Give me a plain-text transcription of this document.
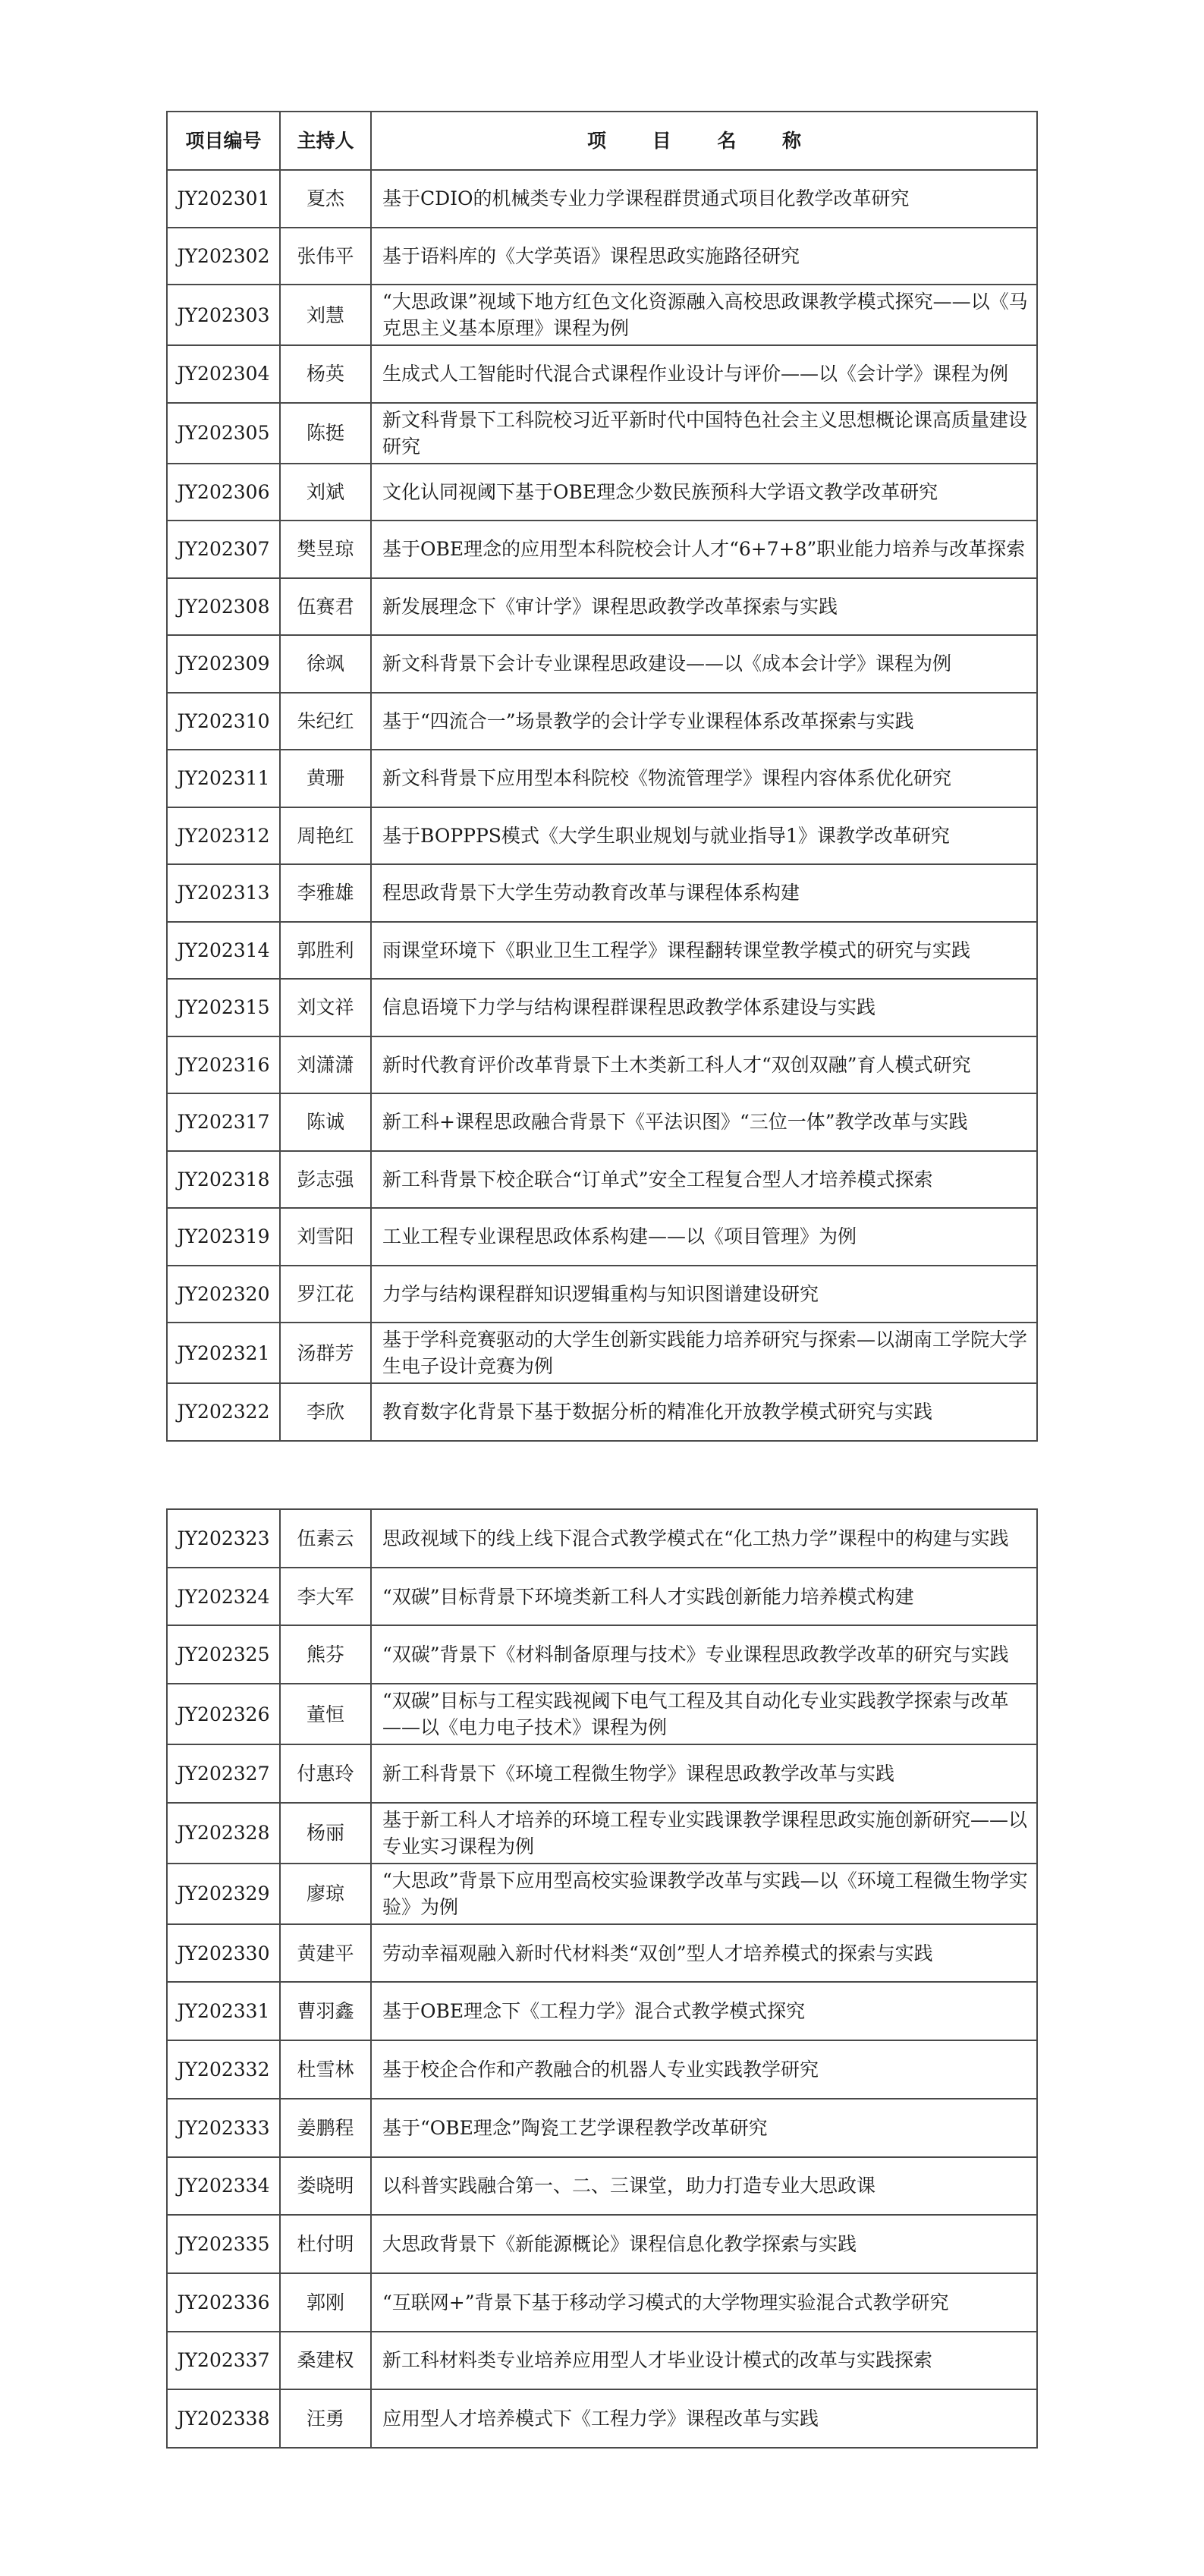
项目编号	主持人	项 目 名 称
JY202301	夏杰	基于CDIO的机械类专业力学课程群贯通式项目化教学改革研究
JY202302	张伟平	基于语料库的《大学英语》课程思政实施路径研究
JY202303	刘慧	“大思政课”视域下地方红色文化资源融入高校思政课教学模式探究——以《马克思主义基本原理》课程为例
JY202304	杨英	生成式人工智能时代混合式课程作业设计与评价——以《会计学》课程为例
JY202305	陈挺	新文科背景下工科院校习近平新时代中国特色社会主义思想概论课高质量建设研究
JY202306	刘斌	文化认同视阈下基于OBE理念少数民族预科大学语文教学改革研究
JY202307	樊昱琼	基于OBE理念的应用型本科院校会计人才“6+7+8”职业能力培养与改革探索
JY202308	伍赛君	新发展理念下《审计学》课程思政教学改革探索与实践
JY202309	徐飒	新文科背景下会计专业课程思政建设——以《成本会计学》课程为例
JY202310	朱纪红	基于“四流合一”场景教学的会计学专业课程体系改革探索与实践
JY202311	黄珊	新文科背景下应用型本科院校《物流管理学》课程内容体系优化研究
JY202312	周艳红	基于BOPPPS模式《大学生职业规划与就业指导1》课教学改革研究
JY202313	李雅雄	程思政背景下大学生劳动教育改革与课程体系构建
JY202314	郭胜利	雨课堂环境下《职业卫生工程学》课程翻转课堂教学模式的研究与实践
JY202315	刘文祥	信息语境下力学与结构课程群课程思政教学体系建设与实践
JY202316	刘潇潇	新时代教育评价改革背景下土木类新工科人才“双创双融”育人模式研究
JY202317	陈诚	新工科+课程思政融合背景下《平法识图》“三位一体”教学改革与实践
JY202318	彭志强	新工科背景下校企联合“订单式”安全工程复合型人才培养模式探索
JY202319	刘雪阳	工业工程专业课程思政体系构建——以《项目管理》为例
JY202320	罗江花	力学与结构课程群知识逻辑重构与知识图谱建设研究
JY202321	汤群芳	基于学科竞赛驱动的大学生创新实践能力培养研究与探索—以湖南工学院大学生电子设计竞赛为例
JY202322	李欣	教育数字化背景下基于数据分析的精准化开放教学模式研究与实践
JY202323	伍素云	思政视域下的线上线下混合式教学模式在“化工热力学”课程中的构建与实践
JY202324	李大军	“双碳”目标背景下环境类新工科人才实践创新能力培养模式构建
JY202325	熊芬	“双碳”背景下《材料制备原理与技术》专业课程思政教学改革的研究与实践
JY202326	董恒	“双碳”目标与工程实践视阈下电气工程及其自动化专业实践教学探索与改革——以《电力电子技术》课程为例
JY202327	付惠玲	新工科背景下《环境工程微生物学》课程思政教学改革与实践
JY202328	杨丽	基于新工科人才培养的环境工程专业实践课教学课程思政实施创新研究——以专业实习课程为例
JY202329	廖琼	“大思政”背景下应用型高校实验课教学改革与实践—以《环境工程微生物学实验》为例
JY202330	黄建平	劳动幸福观融入新时代材料类“双创”型人才培养模式的探索与实践
JY202331	曹羽鑫	基于OBE理念下《工程力学》混合式教学模式探究
JY202332	杜雪林	基于校企合作和产教融合的机器人专业实践教学研究
JY202333	姜鹏程	基于“OBE理念”陶瓷工艺学课程教学改革研究
JY202334	娄晓明	以科普实践融合第一、二、三课堂，助力打造专业大思政课
JY202335	杜付明	大思政背景下《新能源概论》课程信息化教学探索与实践
JY202336	郭刚	“互联网+”背景下基于移动学习模式的大学物理实验混合式教学研究
JY202337	桑建权	新工科材料类专业培养应用型人才毕业设计模式的改革与实践探索
JY202338	汪勇	应用型人才培养模式下《工程力学》课程改革与实践
